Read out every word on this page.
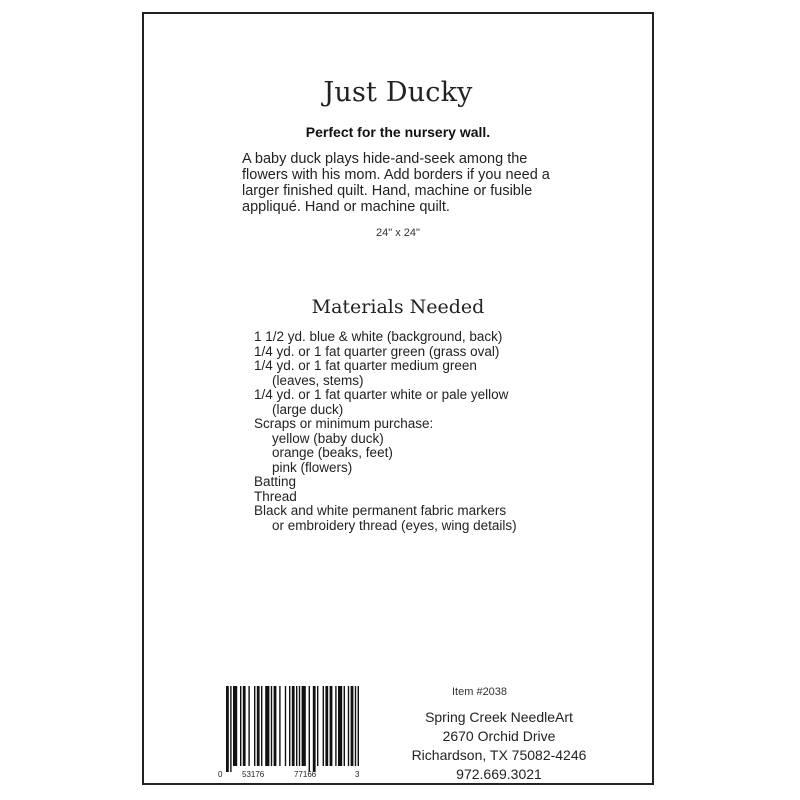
Just Ducky
Perfect for the nursery wall.
A baby duck plays hide-and-seek among the flowers with his mom. Add borders if you need a larger finished quilt. Hand, machine or fusible appliqué. Hand or machine quilt.
24" x 24"
Materials Needed
1 1/2 yd. blue & white (background, back)
1/4 yd. or 1 fat quarter green (grass oval)
1/4 yd. or 1 fat quarter medium green
(leaves, stems)
1/4 yd. or 1 fat quarter white or pale yellow
(large duck)
Scraps or minimum purchase:
yellow (baby duck)
orange (beaks, feet)
pink (flowers)
Batting
Thread
Black and white permanent fabric markers
or embroidery thread (eyes, wing details)
0 53176	77166	3
Item #2038
Spring Creek NeedleArt
2670 Orchid Drive
Richardson, TX 75082-4246
972.669.3021
